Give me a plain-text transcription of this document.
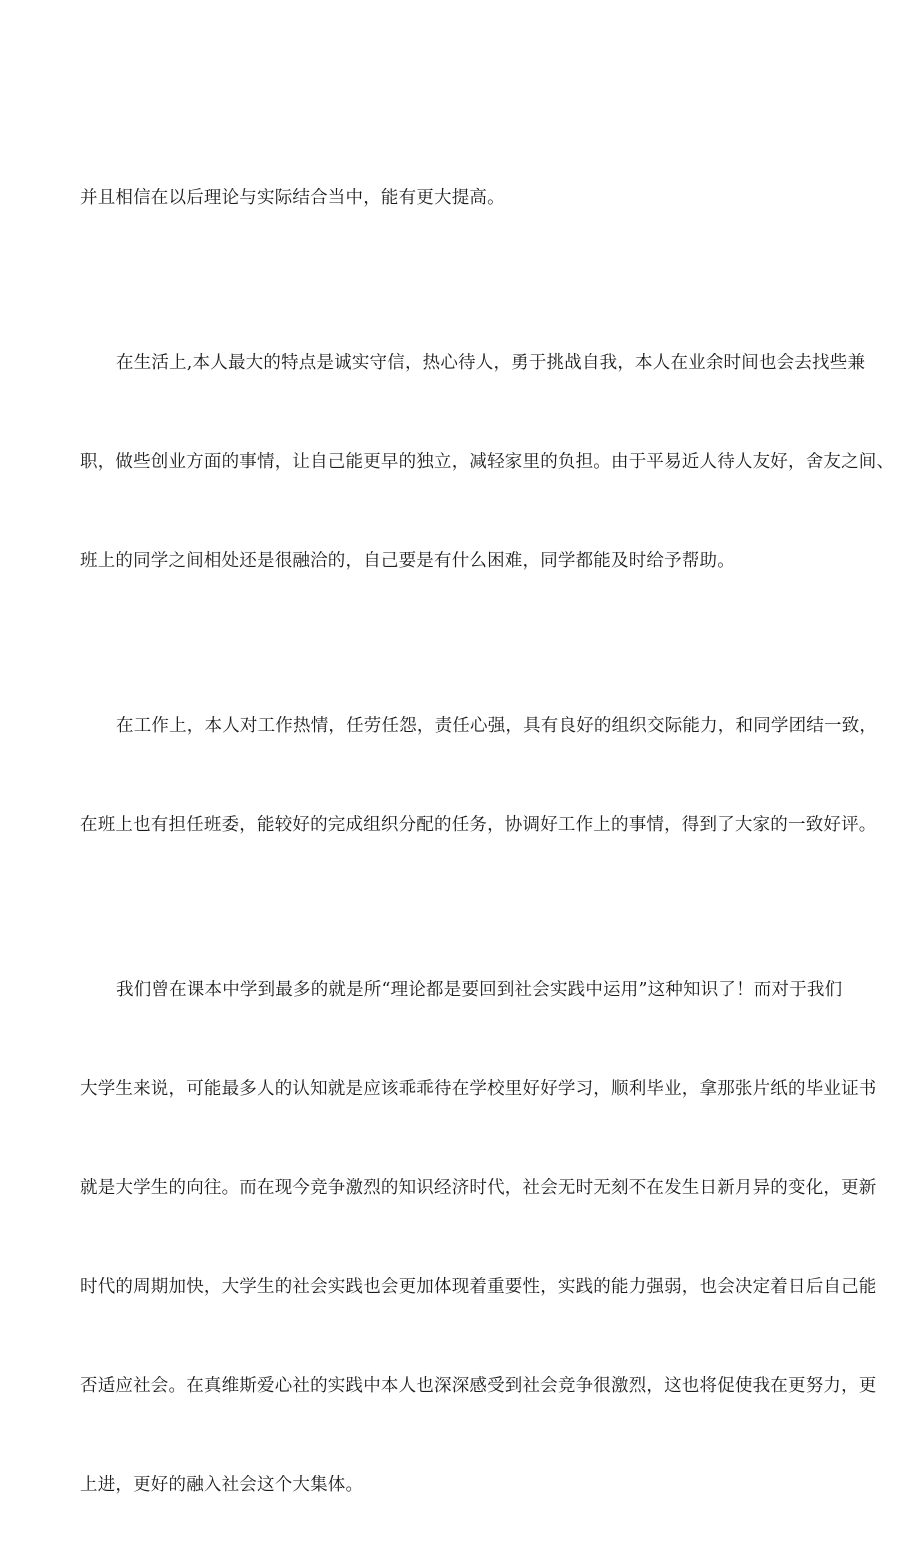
并且相信在以后理论与实际结合当中，能有更大提高。

在生活上,本人最大的特点是诚实守信，热心待人，勇于挑战自我，本人在业余时间也会去找些兼

职，做些创业方面的事情，让自己能更早的独立，减轻家里的负担。由于平易近人待人友好，舍友之间、

班上的同学之间相处还是很融洽的，自己要是有什么困难，同学都能及时给予帮助。

在工作上，本人对工作热情，任劳任怨，责任心强，具有良好的组织交际能力，和同学团结一致，

在班上也有担任班委，能较好的完成组织分配的任务，协调好工作上的事情，得到了大家的一致好评。

我们曾在课本中学到最多的就是所“理论都是要回到社会实践中运用”这种知识了！而对于我们

大学生来说，可能最多人的认知就是应该乖乖待在学校里好好学习，顺利毕业，拿那张片纸的毕业证书

就是大学生的向往。而在现今竞争激烈的知识经济时代，社会无时无刻不在发生日新月异的变化，更新

时代的周期加快，大学生的社会实践也会更加体现着重要性，实践的能力强弱，也会决定着日后自己能

否适应社会。在真维斯爱心社的实践中本人也深深感受到社会竞争很激烈，这也将促使我在更努力，更

上进，更好的融入社会这个大集体。
